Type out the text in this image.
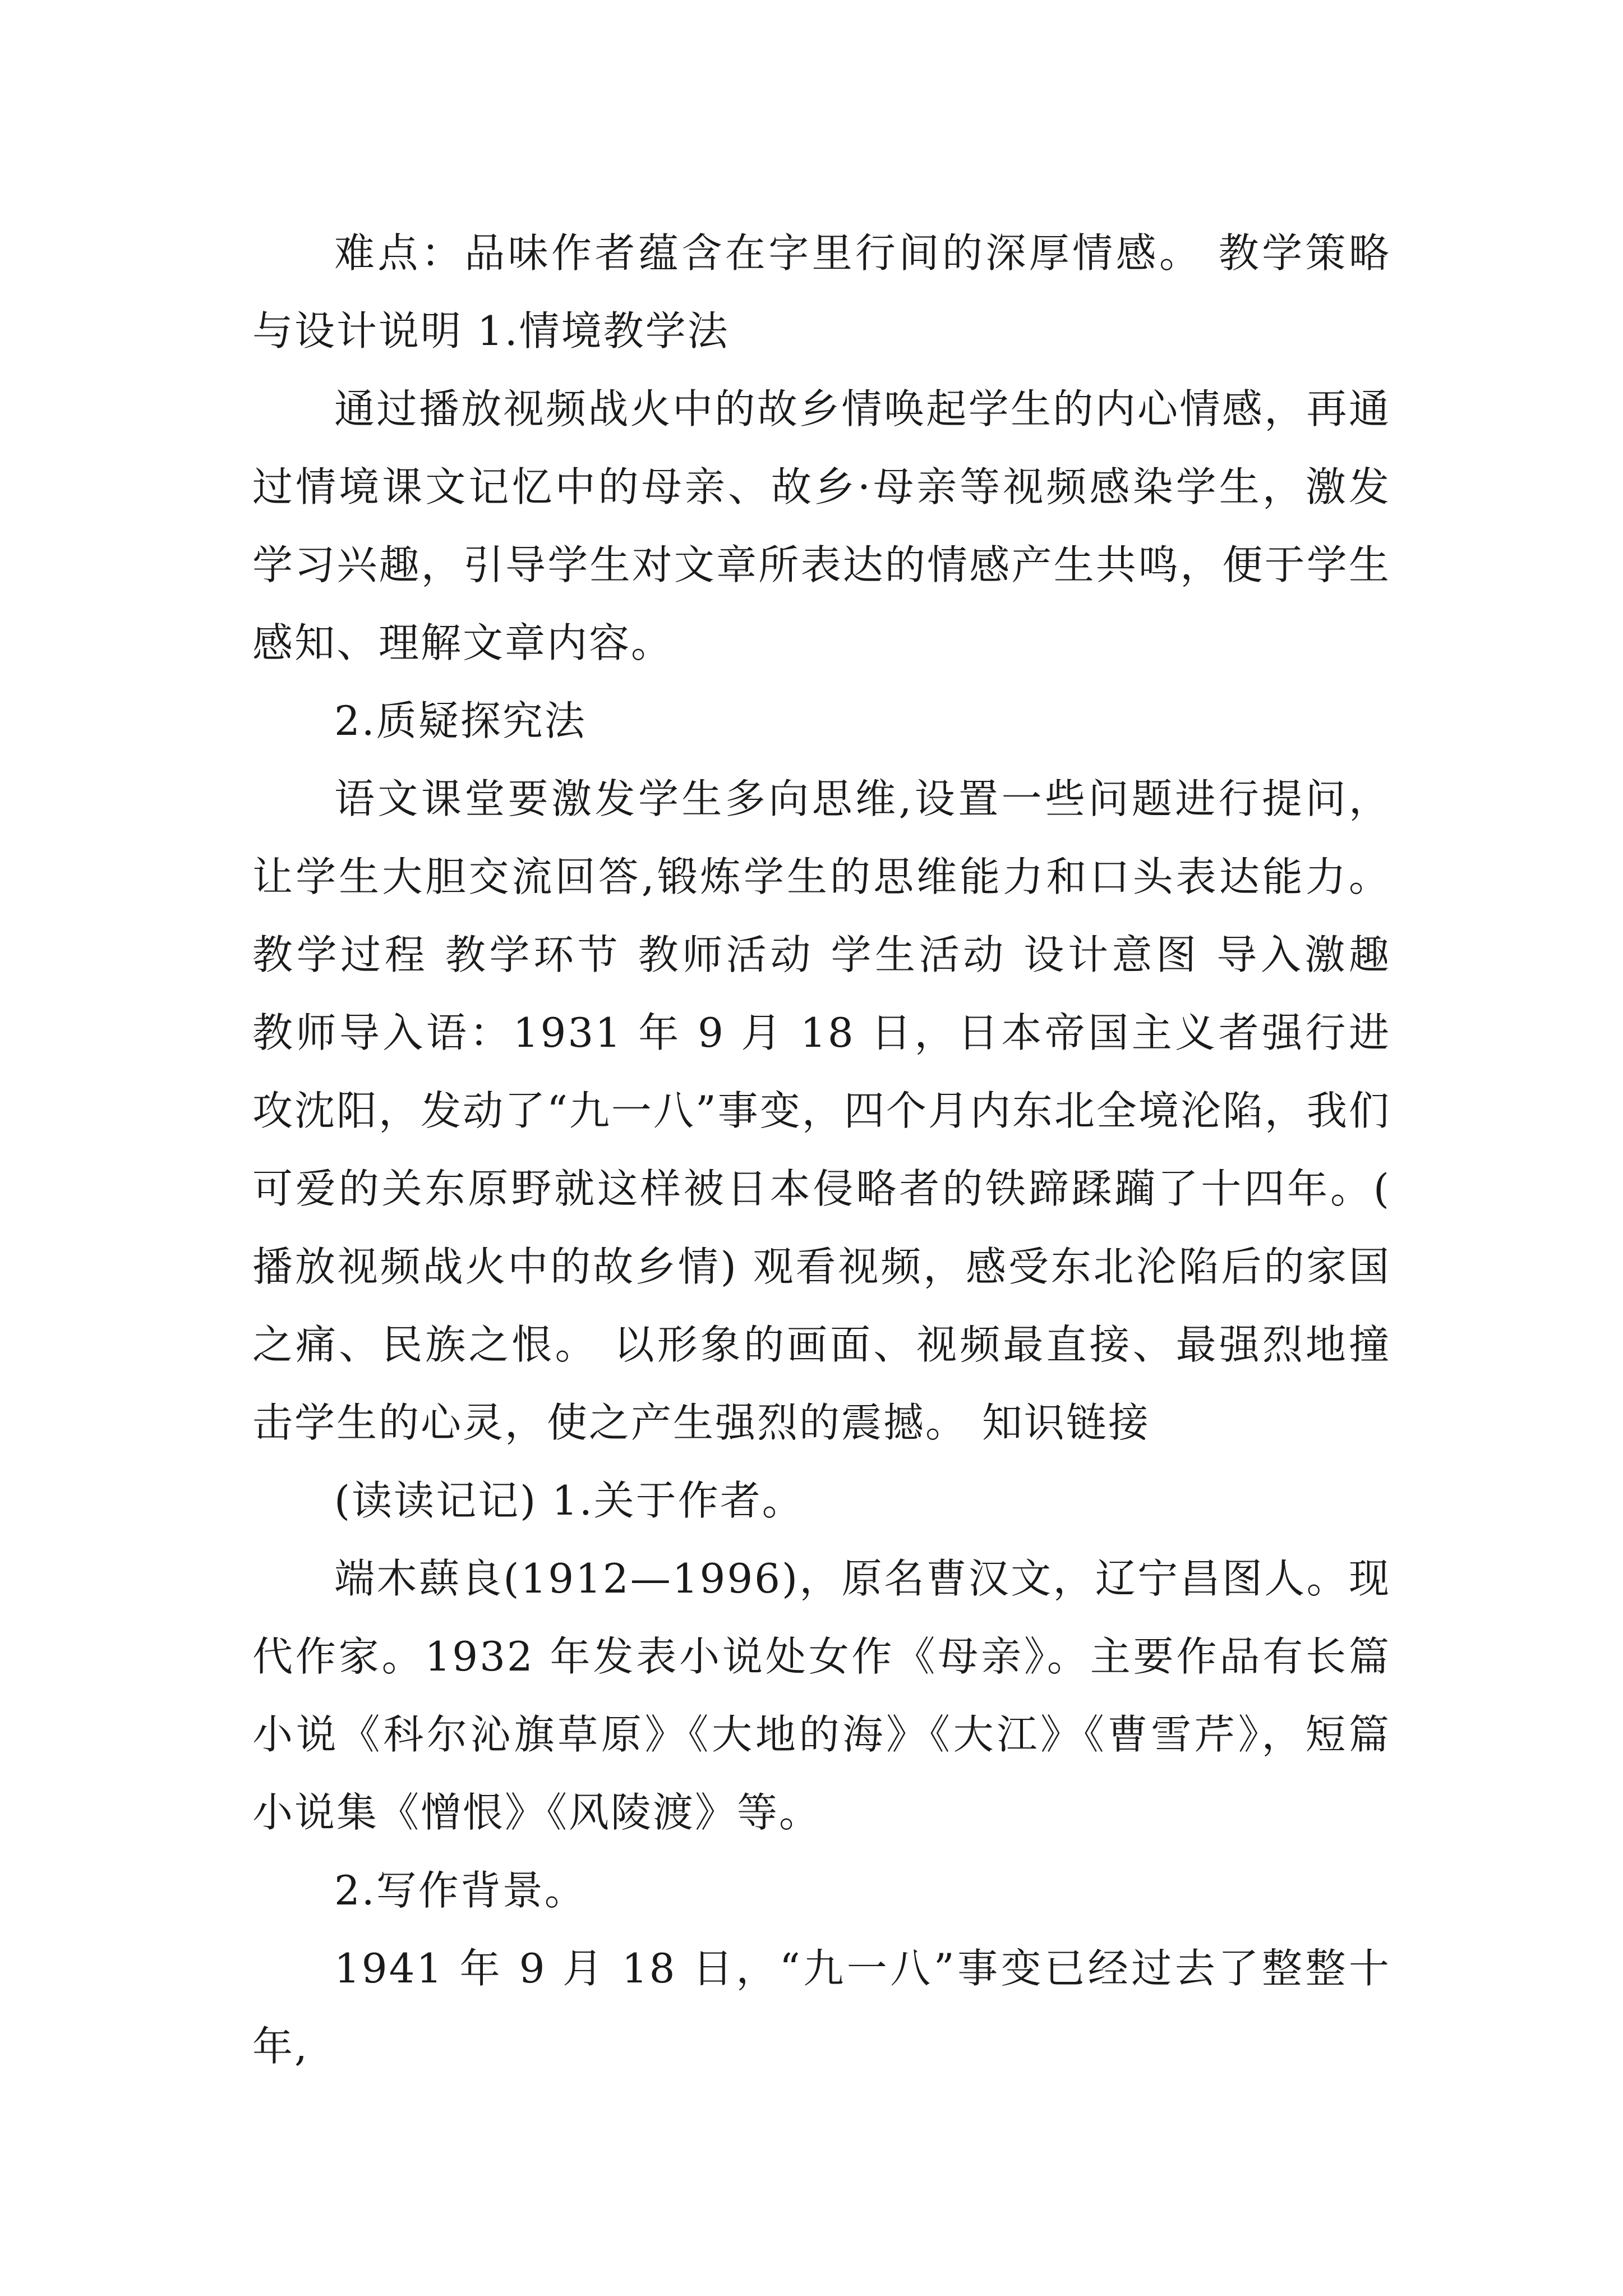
难点：品味作者蕴含在字里行间的深厚情感。 教学策略与设计说明 1.情境教学法

通过播放视频战火中的故乡情唤起学生的内心情感，再通过情境课文记忆中的母亲、故乡·母亲等视频感染学生，激发学习兴趣，引导学生对文章所表达的情感产生共鸣，便于学生感知、理解文章内容。

2.质疑探究法

语文课堂要激发学生多向思维,设置一些问题进行提问，让学生大胆交流回答,锻炼学生的思维能力和口头表达能力。 教学过程 教学环节 教师活动 学生活动 设计意图 导入激趣 教师导入语：1931 年 9 月 18 日，日本帝国主义者强行进攻沈阳，发动了“九一八”事变，四个月内东北全境沦陷，我们可爱的关东原野就这样被日本侵略者的铁蹄蹂躏了十四年。(播放视频战火中的故乡情) 观看视频，感受东北沦陷后的家国之痛、民族之恨。 以形象的画面、视频最直接、最强烈地撞击学生的心灵，使之产生强烈的震撼。 知识链接

(读读记记) 1.关于作者。

端木蕻良(1912—1996)，原名曹汉文，辽宁昌图人。现代作家。1932 年发表小说处女作《母亲》。主要作品有长篇小说《科尔沁旗草原》《大地的海》《大江》《曹雪芹》，短篇小说集《憎恨》《风陵渡》等。

2.写作背景。

1941 年 9 月 18 日，“九一八”事变已经过去了整整十年,
